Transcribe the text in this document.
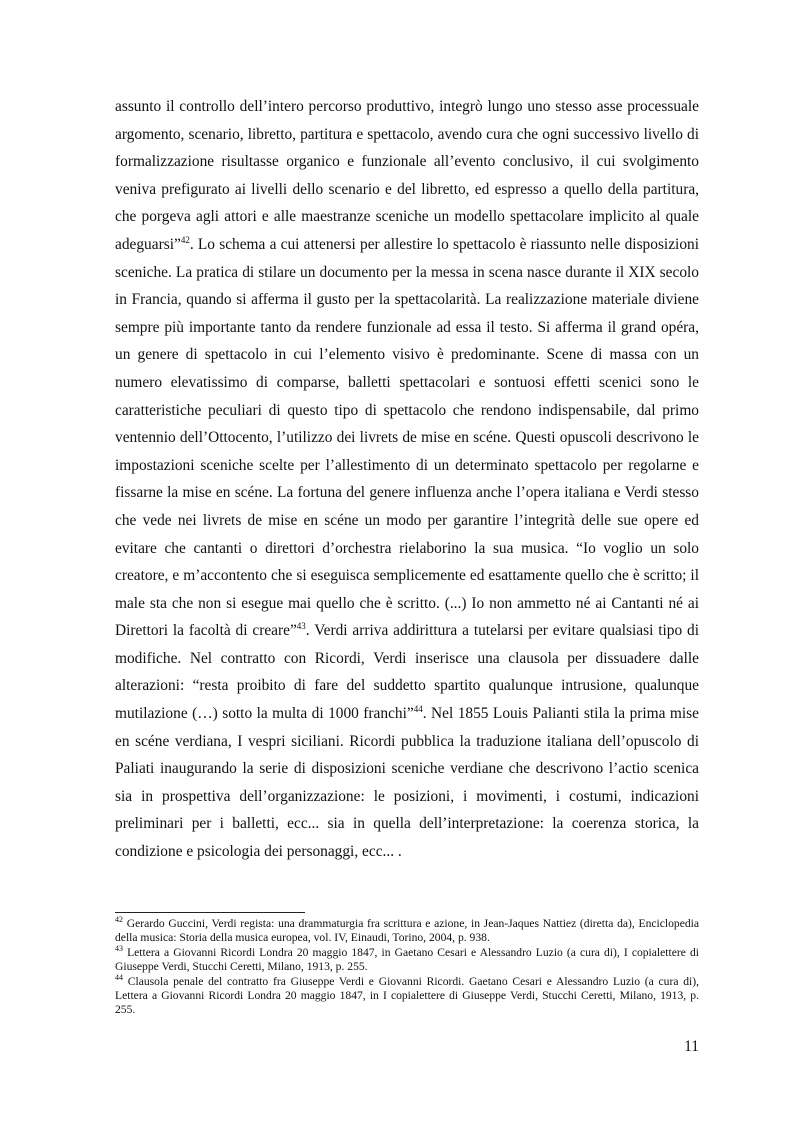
assunto il controllo dell’intero percorso produttivo, integrò lungo uno stesso asse processuale argomento, scenario, libretto, partitura e spettacolo, avendo cura che ogni successivo livello di formalizzazione risultasse organico e funzionale all’evento conclusivo, il cui svolgimento veniva prefigurato ai livelli dello scenario e del libretto, ed espresso a quello della partitura, che porgeva agli attori e alle maestranze sceniche un modello spettacolare implicito al quale adeguarsi”$^{42}$. Lo schema a cui attenersi per allestire lo spettacolo è riassunto nelle disposizioni sceniche. La pratica di stilare un documento per la messa in scena nasce durante il XIX secolo in Francia, quando si afferma il gusto per la spettacolarità. La realizzazione materiale diviene sempre più importante tanto da rendere funzionale ad essa il testo. Si afferma il grand opéra, un genere di spettacolo in cui l’elemento visivo è predominante. Scene di massa con un numero elevatissimo di comparse, balletti spettacolari e sontuosi effetti scenici sono le caratteristiche peculiari di questo tipo di spettacolo che rendono indispensabile, dal primo ventennio dell’Ottocento, l’utilizzo dei livrets de mise en scéne. Questi opuscoli descrivono le impostazioni sceniche scelte per l’allestimento di un determinato spettacolo per regolarne e fissarne la mise en scéne. La fortuna del genere influenza anche l’opera italiana e Verdi stesso che vede nei livrets de mise en scéne un modo per garantire l’integrità delle sue opere ed evitare che cantanti o direttori d’orchestra rielaborino la sua musica. “Io voglio un solo creatore, e m’accontento che si eseguisca semplicemente ed esattamente quello che è scritto; il male sta che non si esegue mai quello che è scritto. (...) Io non ammetto né ai Cantanti né ai Direttori la facoltà di creare”$^{43}$. Verdi arriva addirittura a tutelarsi per evitare qualsiasi tipo di modifiche. Nel contratto con Ricordi, Verdi inserisce una clausola per dissuadere dalle alterazioni: “resta proibito di fare del suddetto spartito qualunque intrusione, qualunque mutilazione (…) sotto la multa di 1000 franchi”$^{44}$. Nel 1855 Louis Palianti stila la prima mise en scéne verdiana, I vespri siciliani. Ricordi pubblica la traduzione italiana dell’opuscolo di Paliati inaugurando la serie di disposizioni sceniche verdiane che descrivono l’actio scenica sia in prospettiva dell’organizzazione: le posizioni, i movimenti, i costumi, indicazioni preliminari per i balletti, ecc... sia in quella dell’interpretazione: la coerenza storica, la condizione e psicologia dei personaggi, ecc... .

$^{42}$ Gerardo Guccini, Verdi regista: una drammaturgia fra scrittura e azione, in Jean-Jaques Nattiez (diretta da), Enciclopedia della musica: Storia della musica europea, vol. IV, Einaudi, Torino, 2004, p. 938.

$^{43}$ Lettera a Giovanni Ricordi Londra 20 maggio 1847, in Gaetano Cesari e Alessandro Luzio (a cura di), I copialettere di Giuseppe Verdi, Stucchi Ceretti, Milano, 1913, p. 255.

$^{44}$ Clausola penale del contratto fra Giuseppe Verdi e Giovanni Ricordi. Gaetano Cesari e Alessandro Luzio (a cura di), Lettera a Giovanni Ricordi Londra 20 maggio 1847, in I copialettere di Giuseppe Verdi, Stucchi Ceretti, Milano, 1913, p. 255.

11
